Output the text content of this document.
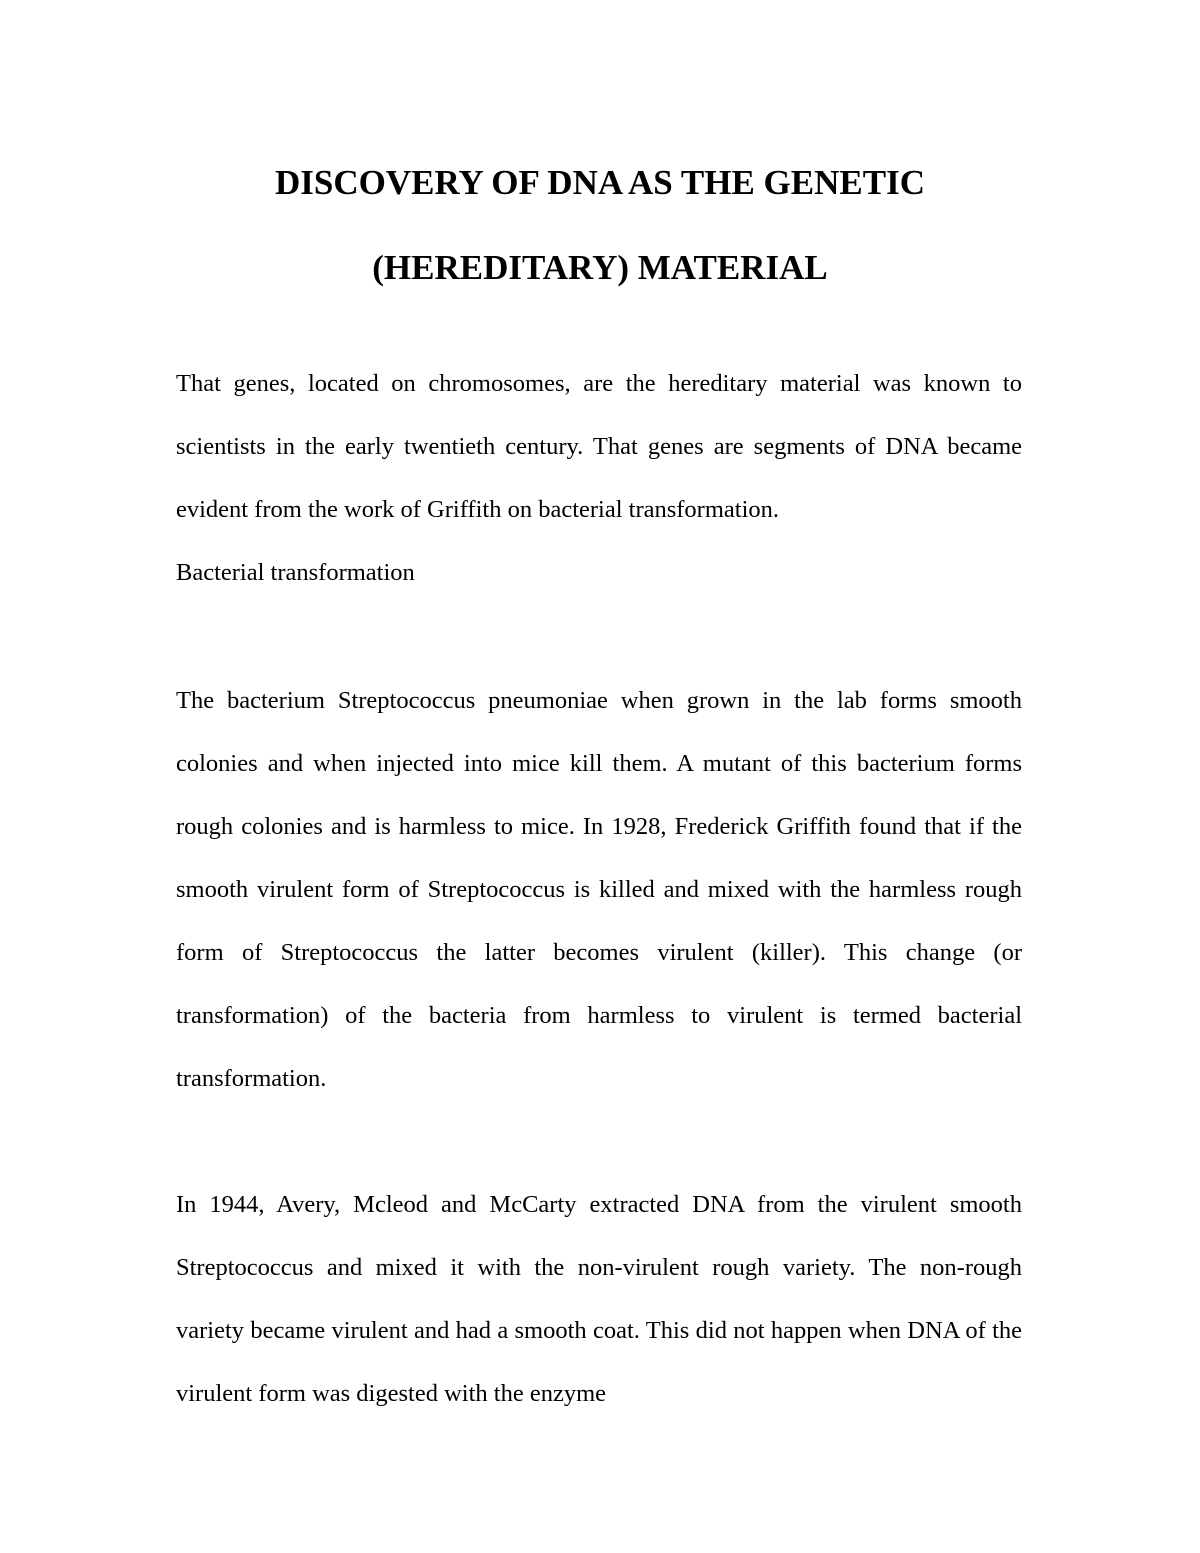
DISCOVERY OF DNA AS THE GENETIC
(HEREDITARY) MATERIAL

That genes, located on chromosomes, are the hereditary material was known to scientists in the early twentieth century. That genes are segments of DNA became evident from the work of Griffith on bacterial transformation.

Bacterial transformation

The bacterium Streptococcus pneumoniae when grown in the lab forms smooth colonies and when injected into mice kill them. A mutant of this bacterium forms rough colonies and is harmless to mice. In 1928, Frederick Griffith found that if the smooth virulent form of Streptococcus is killed and mixed with the harmless rough form of Streptococcus the latter becomes virulent (killer). This change (or transformation) of the bacteria from harmless to virulent is termed bacterial transformation.

In 1944, Avery, Mcleod and McCarty extracted DNA from the virulent smooth Streptococcus and mixed it with the non-virulent rough variety. The non-rough variety became virulent and had a smooth coat. This did not happen when DNA of the virulent form was digested with the enzyme
